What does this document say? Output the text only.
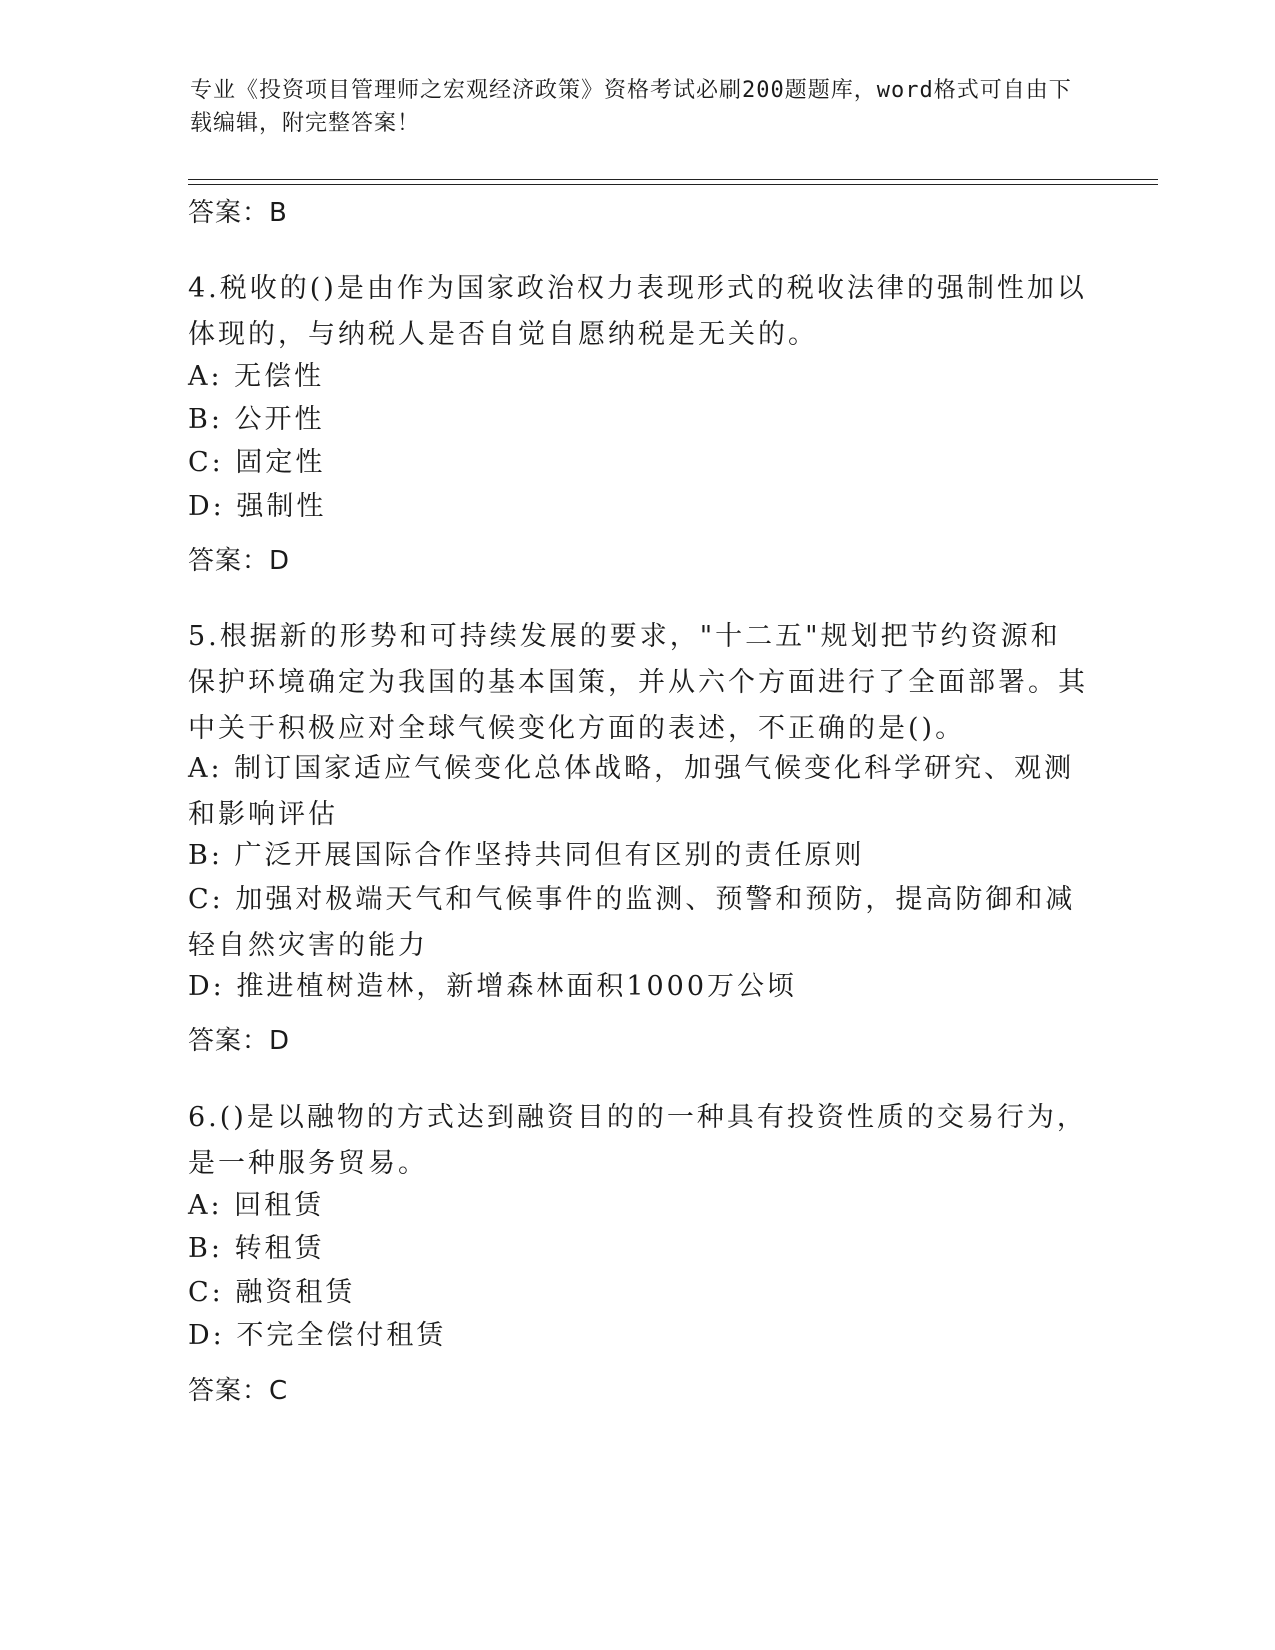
专业《投资项目管理师之宏观经济政策》资格考试必刷200题题库，word格式可自由下载编辑，附完整答案！
答案：B
4.税收的()是由作为国家政治权力表现形式的税收法律的强制性加以体现的，与纳税人是否自觉自愿纳税是无关的。
A: 无偿性
B: 公开性
C: 固定性
D: 强制性
答案：D
5.根据新的形势和可持续发展的要求，"十二五"规划把节约资源和保护环境确定为我国的基本国策，并从六个方面进行了全面部署。其中关于积极应对全球气候变化方面的表述，不正确的是()。
A: 制订国家适应气候变化总体战略，加强气候变化科学研究、观测和影响评估
B: 广泛开展国际合作坚持共同但有区别的责任原则
C: 加强对极端天气和气候事件的监测、预警和预防，提高防御和减轻自然灾害的能力
D: 推进植树造林，新增森林面积1000万公顷
答案：D
6.()是以融物的方式达到融资目的的一种具有投资性质的交易行为，是一种服务贸易。
A: 回租赁
B: 转租赁
C: 融资租赁
D: 不完全偿付租赁
答案：C
